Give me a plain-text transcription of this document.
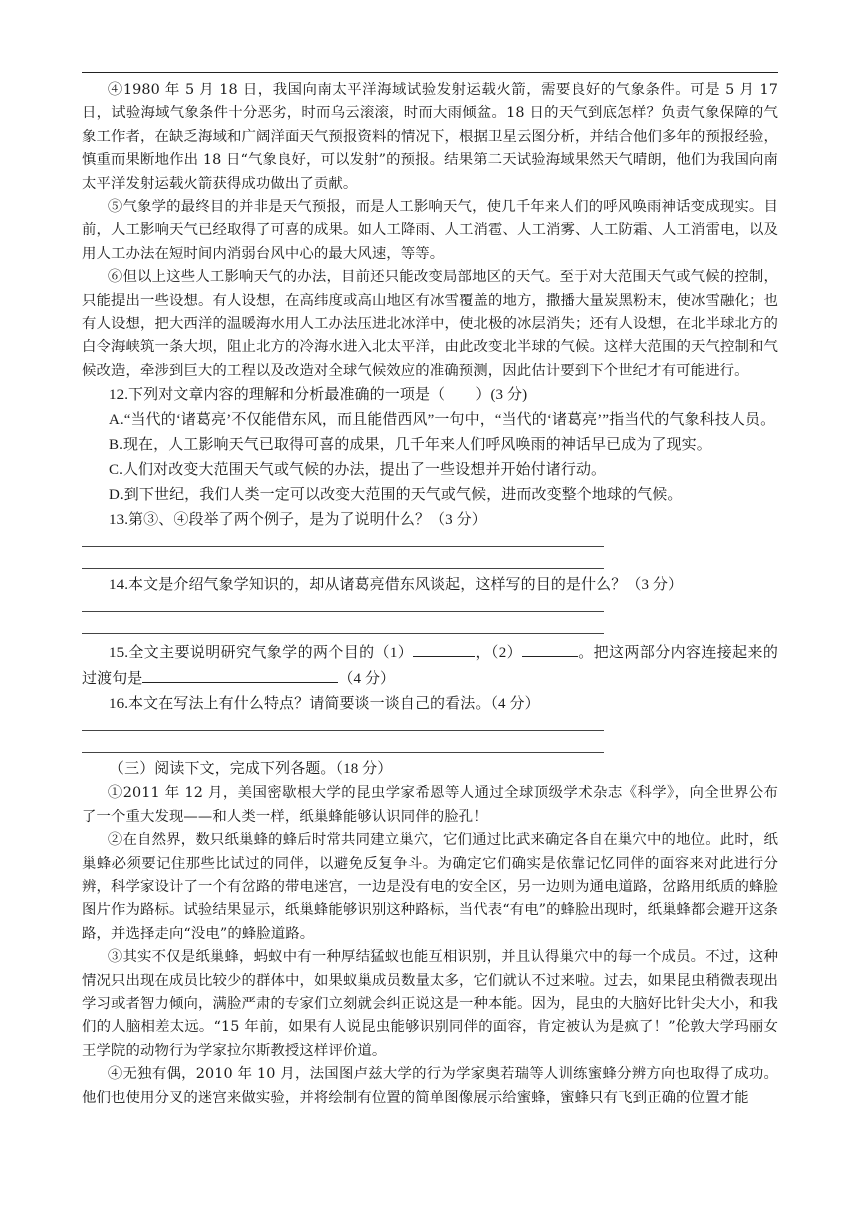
④1980 年 5 月 18 日，我国向南太平洋海域试验发射运载火箭，需要良好的气象条件。可是 5 月 17 日，试验海域气象条件十分恶劣，时而乌云滚滚，时而大雨倾盆。18 日的天气到底怎样？负责气象保障的气象工作者，在缺乏海域和广阔洋面天气预报资料的情况下，根据卫星云图分析，并结合他们多年的预报经验，慎重而果断地作出 18 日“气象良好，可以发射”的预报。结果第二天试验海域果然天气晴朗，他们为我国向南太平洋发射运载火箭获得成功做出了贡献。

⑤气象学的最终目的并非是天气预报，而是人工影响天气，使几千年来人们的呼风唤雨神话变成现实。目前，人工影响天气已经取得了可喜的成果。如人工降雨、人工消雹、人工消雾、人工防霜、人工消雷电，以及用人工办法在短时间内消弱台风中心的最大风速，等等。

⑥但以上这些人工影响天气的办法，目前还只能改变局部地区的天气。至于对大范围天气或气候的控制，只能提出一些设想。有人设想，在高纬度或高山地区有冰雪覆盖的地方，撒播大量炭黑粉末，使冰雪融化；也有人设想，把大西洋的温暖海水用人工办法压进北冰洋中，使北极的冰层消失；还有人设想，在北半球北方的白令海峡筑一条大坝，阻止北方的冷海水进入北太平洋，由此改变北半球的气候。这样大范围的天气控制和气候改造，牵涉到巨大的工程以及改造对全球气候效应的准确预测，因此估计要到下个世纪才有可能进行。

12.下列对文章内容的理解和分析最准确的一项是（　　）(3 分)

A.“当代的‘诸葛亮’不仅能借东风，而且能借西风”一句中，“当代的‘诸葛亮’”指当代的气象科技人员。

B.现在，人工影响天气已取得可喜的成果，几千年来人们呼风唤雨的神话早已成为了现实。

C.人们对改变大范围天气或气候的办法，提出了一些设想并开始付诸行动。

D.到下世纪，我们人类一定可以改变大范围的天气或气候，进而改变整个地球的气候。

13.第③、④段举了两个例子，是为了说明什么？（3 分）

14.本文是介绍气象学知识的，却从诸葛亮借东风谈起，这样写的目的是什么？（3 分）

15.全文主要说明研究气象学的两个目的（1）	，（2）	。把这两部分内容连接起来的过渡句是	（4 分）

16.本文在写法上有什么特点？请简要谈一谈自己的看法。（4 分）

（三）阅读下文，完成下列各题。（18 分）

①2011 年 12 月，美国密歇根大学的昆虫学家希恩等人通过全球顶级学术杂志《科学》，向全世界公布了一个重大发现——和人类一样，纸巢蜂能够认识同伴的脸孔！

②在自然界，数只纸巢蜂的蜂后时常共同建立巢穴，它们通过比武来确定各自在巢穴中的地位。此时，纸巢蜂必须要记住那些比试过的同伴，以避免反复争斗。为确定它们确实是依靠记忆同伴的面容来对此进行分辨，科学家设计了一个有岔路的带电迷宫，一边是没有电的安全区，另一边则为通电道路，岔路用纸质的蜂脸图片作为路标。试验结果显示，纸巢蜂能够识别这种路标，当代表“有电”的蜂脸出现时，纸巢蜂都会避开这条路，并选择走向“没电”的蜂脸道路。

③其实不仅是纸巢蜂，蚂蚁中有一种厚结猛蚁也能互相识别，并且认得巢穴中的每一个成员。不过，这种情况只出现在成员比较少的群体中，如果蚁巢成员数量太多，它们就认不过来啦。过去，如果昆虫稍微表现出学习或者智力倾向，满脸严肃的专家们立刻就会纠正说这是一种本能。因为，昆虫的大脑好比针尖大小，和我们的人脑相差太远。“15 年前，如果有人说昆虫能够识别同伴的面容，肯定被认为是疯了！”伦敦大学玛丽女王学院的动物行为学家拉尔斯教授这样评价道。

④无独有偶，2010 年 10 月，法国图卢兹大学的行为学家奥若瑞等人训练蜜蜂分辨方向也取得了成功。他们也使用分叉的迷宫来做实验，并将绘制有位置的简单图像展示给蜜蜂，蜜蜂只有飞到正确的位置才能
